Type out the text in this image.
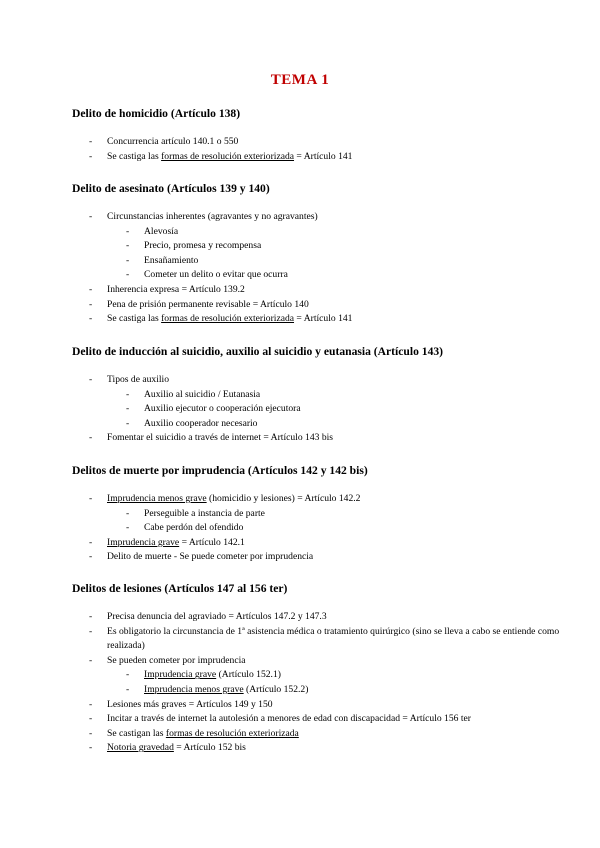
TEMA 1

Delito de homicidio (Artículo 138)

- Concurrencia artículo 140.1 o 550
- Se castiga las formas de resolución exteriorizada = Artículo 141

Delito de asesinato (Artículos 139 y 140)

- Circunstancias inherentes (agravantes y no agravantes)
- Alevosía
- Precio, promesa y recompensa
- Ensañamiento
- Cometer un delito o evitar que ocurra
- Inherencia expresa = Artículo 139.2
- Pena de prisión permanente revisable = Artículo 140
- Se castiga las formas de resolución exteriorizada = Artículo 141

Delito de inducción al suicidio, auxilio al suicidio y eutanasia (Artículo 143)

- Tipos de auxilio
- Auxilio al suicidio / Eutanasia
- Auxilio ejecutor o cooperación ejecutora
- Auxilio cooperador necesario
- Fomentar el suicidio a través de internet = Artículo 143 bis

Delitos de muerte por imprudencia (Artículos 142 y 142 bis)

- Imprudencia menos grave (homicidio y lesiones) = Artículo 142.2
- Perseguible a instancia de parte
- Cabe perdón del ofendido
- Imprudencia grave = Artículo 142.1
- Delito de muerte - Se puede cometer por imprudencia

Delitos de lesiones (Artículos 147 al 156 ter)

- Precisa denuncia del agraviado = Artículos 147.2 y 147.3
- Es obligatorio la circunstancia de 1ª asistencia médica o tratamiento quirúrgico (sino se lleva a cabo se entiende como realizada)
- Se pueden cometer por imprudencia
- Imprudencia grave (Artículo 152.1)
- Imprudencia menos grave (Artículo 152.2)
- Lesiones más graves = Artículos 149 y 150
- Incitar a través de internet la autolesión a menores de edad con discapacidad = Artículo 156 ter
- Se castigan las formas de resolución exteriorizada
- Notoria gravedad = Artículo 152 bis
